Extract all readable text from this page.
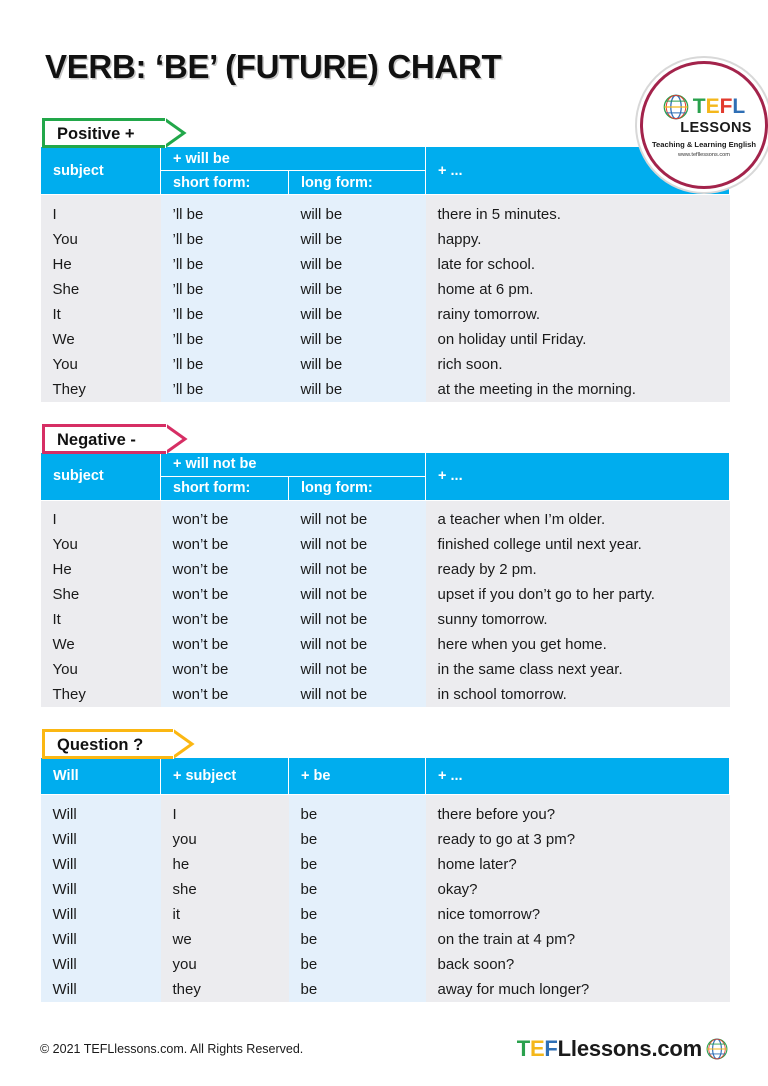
VERB: ‘BE’ (FUTURE) CHART
TEFL
LESSONS
Teaching & Learning English
www.tefllessons.com
Positive +
subject	+ will be		+ ...
	short form:	long form:	

I	’ll be	will be	there in 5 minutes.
You	’ll be	will be	happy.
He	’ll be	will be	late for school.
She	’ll be	will be	home at 6 pm.
It	’ll be	will be	rainy tomorrow.
We	’ll be	will be	on holiday until Friday.
You	’ll be	will be	rich soon.
They	’ll be	will be	at the meeting in the morning.
Negative -
subject	+ will not be		+ ...
	short form:	long form:	

I	won’t be	will not be	a teacher when I’m older.
You	won’t be	will not be	finished college until next year.
He	won’t be	will not be	ready by 2 pm.
She	won’t be	will not be	upset if you don’t go to her party.
It	won’t be	will not be	sunny tomorrow.
We	won’t be	will not be	here when you get home.
You	won’t be	will not be	in the same class next year.
They	won’t be	will not be	in school tomorrow.
Question ?
Will	+ subject	+ be	+ ...

Will	I	be	there before you?
Will	you	be	ready to go at 3 pm?
Will	he	be	home later?
Will	she	be	okay?
Will	it	be	nice tomorrow?
Will	we	be	on the train at 4 pm?
Will	you	be	back soon?
Will	they	be	away for much longer?
© 2021 TEFLlessons.com. All Rights Reserved.	TEFLlessons.com
